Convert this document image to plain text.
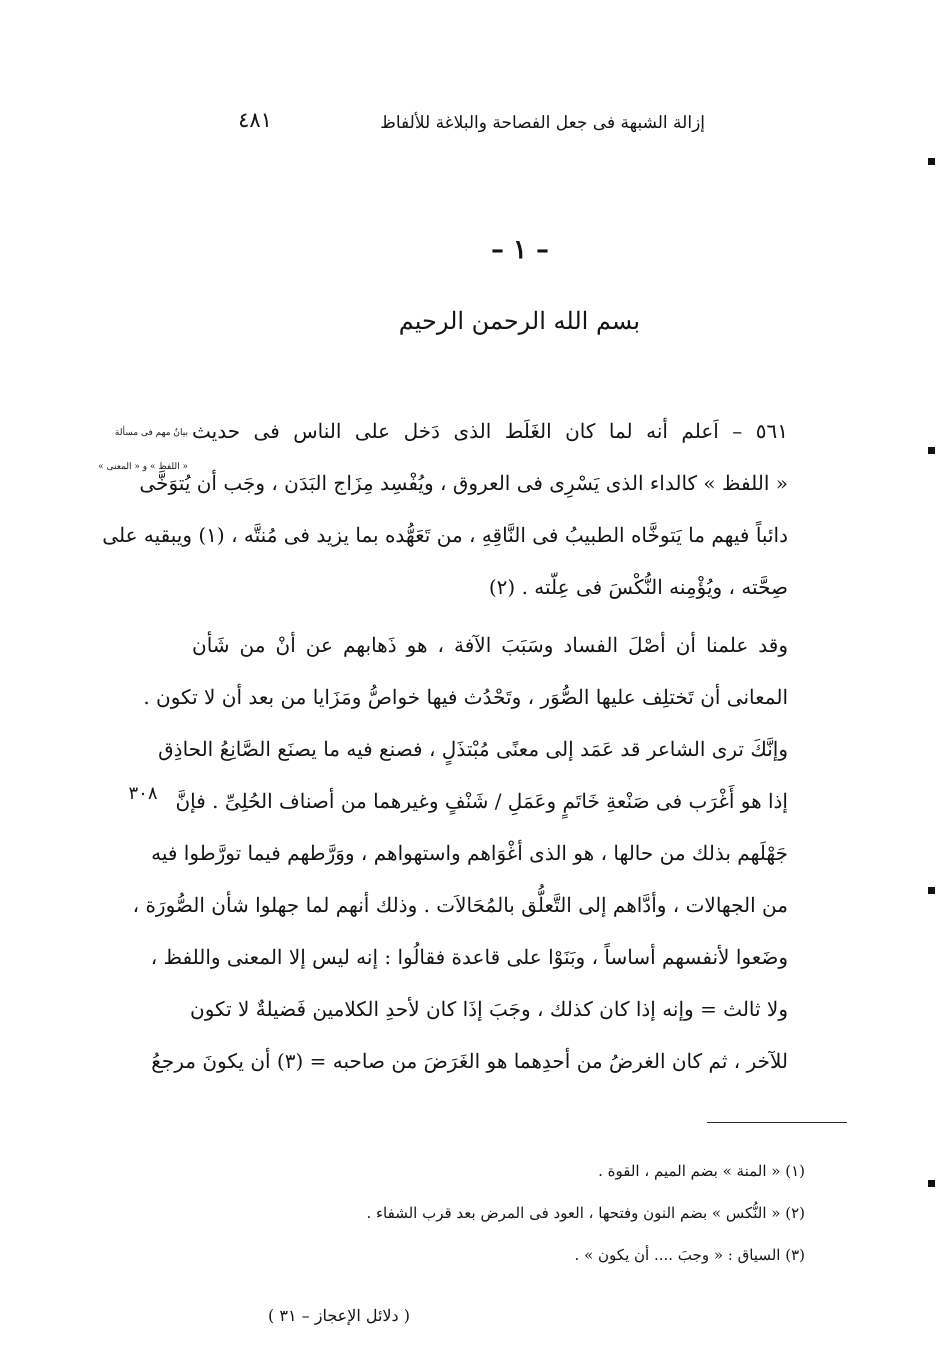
إزالة الشبهة فى جعل الفصاحة والبلاغة للألفاظ
٤٨١
– ١ –
بسم الله الرحمن الرحيم
بيانٌ مهم فى مسألة
« اللفظ » و « المعنى »
٣٠٨
٥٦١ – اَعلم أنه لما كان الغَلَط الذى دَخل على الناس فى حديث
« اللفظ » كالداء الذى يَسْرِى فى العروق ، ويُفْسِد مِزَاج البَدَن ، وجَب أن يُتوَخَّى
دائباً فيهم ما يَتوخَّاه الطبيبُ فى النَّاقِهِ ، من تَعَهُّده بما يزيد فى مُنتَّه ، (١) ويبقيه على
صِحَّته ، ويُؤْمِنه النُّكْسَ فى عِلّته . (٢)
وقد علمنا أن أصْلَ الفساد وسَبَبَ الآفة ، هو ذَهابهم عن أنْ من شَأن
المعانى أن تَختلِف عليها الصُّوَر ، وتَحْدُث فيها خواصُّ ومَزَايا من بعد أن لا تكون .
وإنَّكَ ترى الشاعر قد عَمَد إلى معنًى مُبْتذَلٍ ، فصنع فيه ما يصنَع الصَّانِعُ الحاذِق
إذا هو أَغْرَب فى صَنْعةِ خَاتَمٍ وعَمَلِ / شَنْفٍ وغيرهما من أصناف الحُلِىِّ . فإنَّ
جَهْلَهم بذلك من حالها ، هو الذى أغْوَاهم واستهواهم ، ووَرَّطهم فيما تورَّطوا فيه
من الجهالات ، وأدَّاهم إلى التَّعلُّق بالمُحَالاَت . وذلك أنهم لما جهلوا شأن الصُّورَة ،
وضَعوا لأنفسهم أساساً ، وبَنَوْا على قاعدة فقالُوا : إنه ليس إلا المعنى واللفظ ،
ولا ثالث = وإنه إذا كان كذلك ، وجَبَ إذَا كان لأحدِ الكلامين فَضيلةٌ لا تكون
للآخر ، ثم كان الغرضُ من أحدِهما هو الغَرَضَ من صاحبه = (٣) أن يكونَ مرجعُ
(١) « المنة » بضم الميم ، القوة .
(٢) « النُّكس » بضم النون وفتحها ، العود فى المرض بعد قرب الشفاء .
(٣) السياق : « وجبَ .... أن يكون » .
( دلائل الإعجاز – ٣١ )
